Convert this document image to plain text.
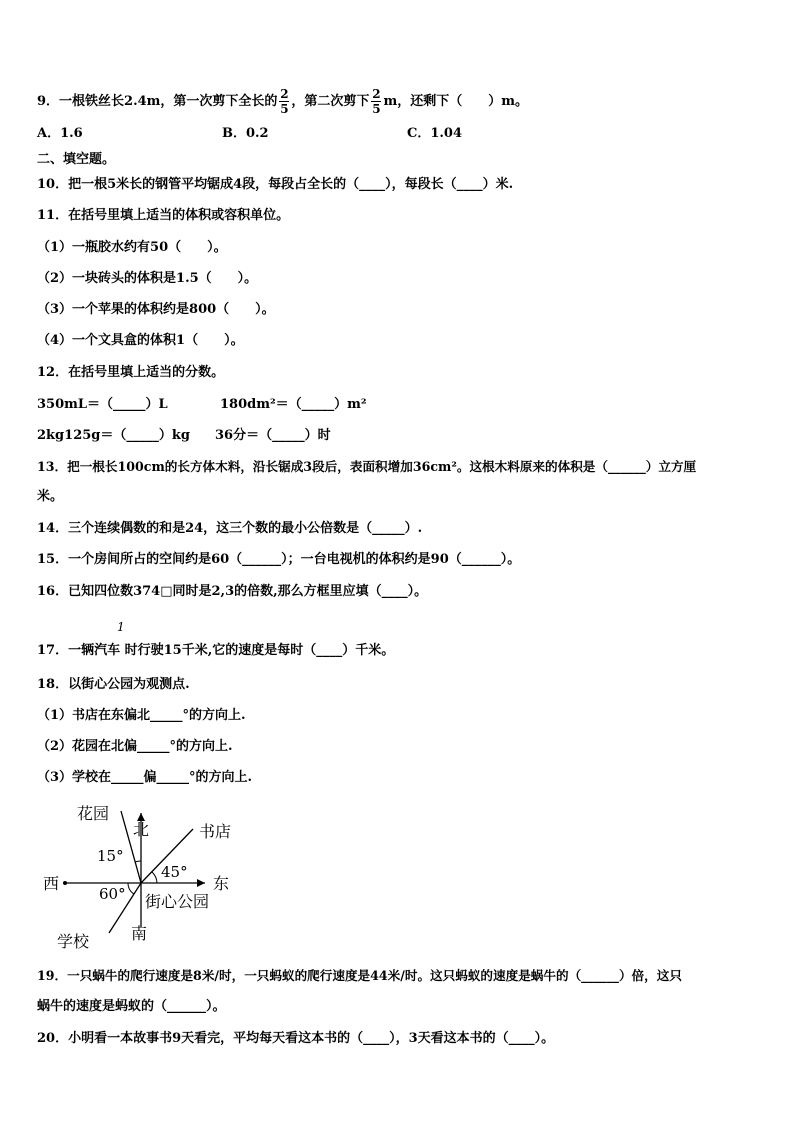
9．一根铁丝长2.4m，第一次剪下全长的 $\frac{2}{5}$ ，第二次剪下 $\frac{2}{5}$ m，还剩下（　　）m。
A．1.6	B．0.2	C．1.04
二、填空题。
10．把一根5米长的钢管平均锯成4段，每段占全长的（____），每段长（____）米.
11．在括号里填上适当的体积或容积单位。
（1）一瓶胶水约有50（　　）。
（2）一块砖头的体积是1.5（　　）。
（3）一个苹果的体积约是800（　　）。
（4）一个文具盒的体积1（　　）。
12．在括号里填上适当的分数。
350mL＝（_____）L	180dm²＝（_____）m²
2kg125g＝（_____）kg 36分＝（_____）时
13．把一根长100cm的长方体木料，沿长锯成3段后，表面积增加36cm²。这根木料原来的体积是（______）立方厘
米。
14．三个连续偶数的和是24，这三个数的最小公倍数是（_____）.
15．一个房间所占的空间约是60（______）；一台电视机的体积约是90（______）。
16．已知四位数374□同时是2,3的倍数,那么方框里应填（____）。
1
17．一辆汽车 时行驶15千米,它的速度是每时（____）千米。
18．以街心公园为观测点.
（1）书店在东偏北_____°的方向上.
（2）花园在北偏_____°的方向上.
（3）学校在_____偏_____°的方向上.
花园
北	书店
15°
45°
西	东
60° 街心公园
学校	南
19．一只蜗牛的爬行速度是8米/时，一只蚂蚁的爬行速度是44米/时。这只蚂蚁的速度是蜗牛的（______）倍，这只
蜗牛的速度是蚂蚁的（______）。
20．小明看一本故事书9天看完，平均每天看这本书的（____），3天看这本书的（____）。
